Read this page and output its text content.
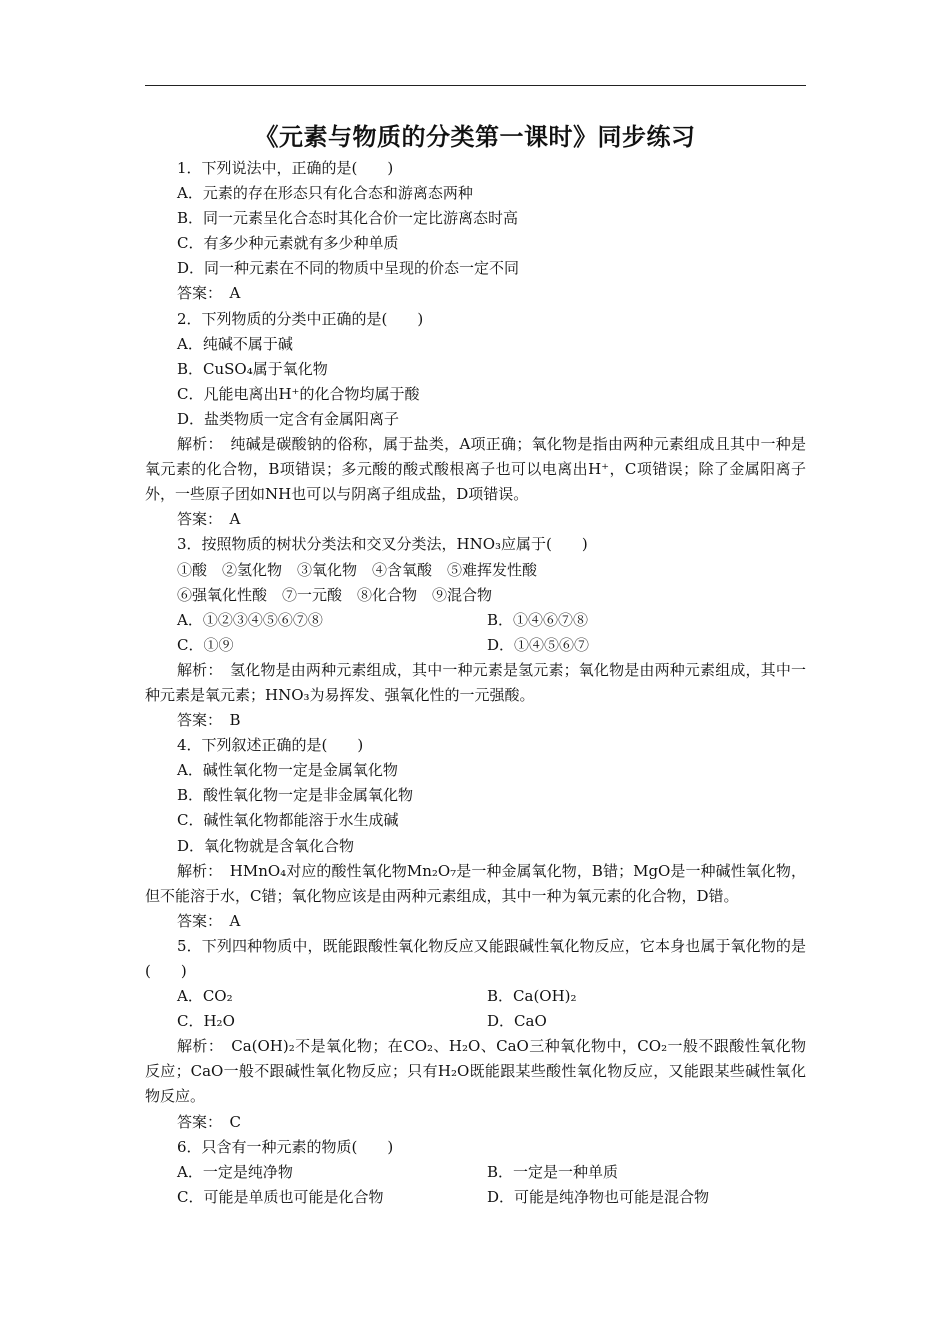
《元素与物质的分类第一课时》同步练习
1．下列说法中，正确的是(　　)
A．元素的存在形态只有化合态和游离态两种
B．同一元素呈化合态时其化合价一定比游离态时高
C．有多少种元素就有多少种单质
D．同一种元素在不同的物质中呈现的价态一定不同
答案：　A
2．下列物质的分类中正确的是(　　)
A．纯碱不属于碱
B．CuSO₄属于氧化物
C．凡能电离出H⁺的化合物均属于酸
D．盐类物质一定含有金属阳离子
解析：　纯碱是碳酸钠的俗称，属于盐类，A项正确；氧化物是指由两种元素组成且其中一种是氧元素的化合物，B项错误；多元酸的酸式酸根离子也可以电离出H⁺，C项错误；除了金属阳离子外，一些原子团如NH也可以与阴离子组成盐，D项错误。
答案：　A
3．按照物质的树状分类法和交叉分类法，HNO₃应属于(　　)
①酸　②氢化物　③氧化物　④含氧酸　⑤难挥发性酸
⑥强氧化性酸　⑦一元酸　⑧化合物　⑨混合物
A．①②③④⑤⑥⑦⑧	B．①④⑥⑦⑧
C．①⑨	D．①④⑤⑥⑦
解析：　氢化物是由两种元素组成，其中一种元素是氢元素；氧化物是由两种元素组成，其中一种元素是氧元素；HNO₃为易挥发、强氧化性的一元强酸。
答案：　B
4．下列叙述正确的是(　　)
A．碱性氧化物一定是金属氧化物
B．酸性氧化物一定是非金属氧化物
C．碱性氧化物都能溶于水生成碱
D．氧化物就是含氧化合物
解析：　HMnO₄对应的酸性氧化物Mn₂O₇是一种金属氧化物，B错；MgO是一种碱性氧化物，但不能溶于水，C错；氧化物应该是由两种元素组成，其中一种为氧元素的化合物，D错。
答案：　A
5．下列四种物质中，既能跟酸性氧化物反应又能跟碱性氧化物反应，它本身也属于氧化物的是(　　)
A．CO₂	B．Ca(OH)₂
C．H₂O	D．CaO
解析：　Ca(OH)₂不是氧化物；在CO₂、H₂O、CaO三种氧化物中，CO₂一般不跟酸性氧化物反应；CaO一般不跟碱性氧化物反应；只有H₂O既能跟某些酸性氧化物反应，又能跟某些碱性氧化物反应。
答案：　C
6．只含有一种元素的物质(　　)
A．一定是纯净物	B．一定是一种单质
C．可能是单质也可能是化合物	D．可能是纯净物也可能是混合物
